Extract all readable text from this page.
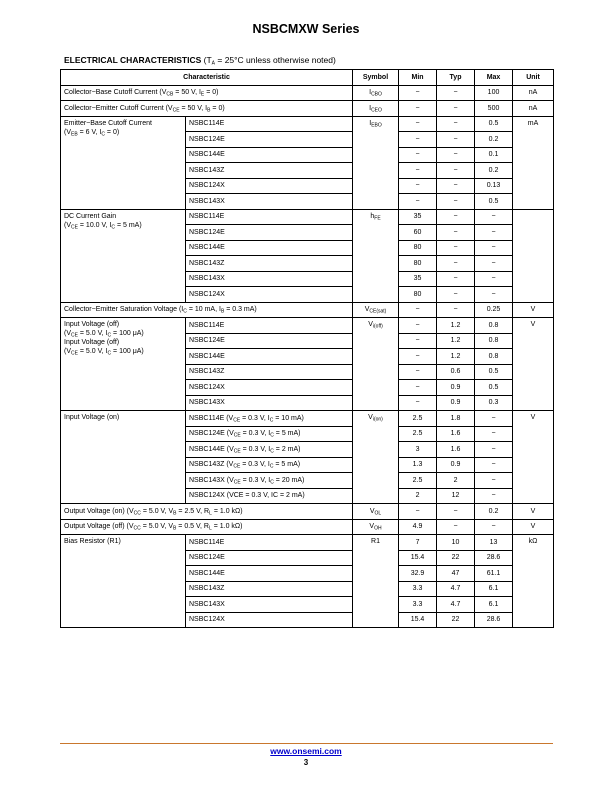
NSBCMXW Series
ELECTRICAL CHARACTERISTICS ($T_A = 25^\circ C$ unless otherwise noted)
Characteristic		Symbol	Min	Typ	Max	Unit
Collector−Base Cutoff Current ($V_{CB} = 50$ V, $I_E = 0$)		$I_{CBO}$	−	−	100	nA
Collector−Emitter Cutoff Current ($V_{CE} = 50$ V, $I_B = 0$)		$I_{CEO}$	−	−	500	nA

Emitter−Base Cutoff Current
($V_{EB} = 6$ V, $I_C = 0$)	NSBC114E	$I_{EBO}$	−	−	0.5	mA
	NSBC124E		−	−	0.2	
	NSBC144E		−	−	0.1	
	NSBC143Z		−	−	0.2	
	NSBC124X		−	−	0.13	
	NSBC143X		−	−	0.5	

DC Current Gain
($V_{CE} = 10.0$ V, $I_C = 5$ mA)	NSBC114E	$h_{FE}$	35	−	−	
	NSBC124E		60	−	−	
	NSBC144E		80	−	−	
	NSBC143Z		80	−	−	
	NSBC143X		35	−	−	
	NSBC124X		80	−	−	
Collector−Emitter Saturation Voltage ($I_C = 10$ mA, $I_B = 0.3$ mA)		$V_{CE(sat)}$	−	−	0.25	V

Input Voltage (off)
($V_{CE} = 5.0$ V, $I_C = 100$ μA)
Input Voltage (off)
($V_{CE} = 5.0$ V, $I_C = 100$ μA)	NSBC114E	$V_{i(off)}$	−	1.2	0.8	V
	NSBC124E		−	1.2	0.8	
	NSBC144E		−	1.2	0.8	
	NSBC143Z		−	0.6	0.5	
	NSBC124X		−	0.9	0.5	
	NSBC143X		−	0.9	0.3	

Input Voltage (on)	NSBC114E ($V_{CE} = 0.3$ V, $I_C = 10$ mA)	$V_{i(on)}$	2.5	1.8	−	V
	NSBC124E ($V_{CE} = 0.3$ V, $I_C = 5$ mA)		2.5	1.6	−	
	NSBC144E ($V_{CE} = 0.3$ V, $I_C = 2$ mA)		3	1.6	−	
	NSBC143Z ($V_{CE} = 0.3$ V, $I_C = 5$ mA)		1.3	0.9	−	
	NSBC143X ($V_{CE} = 0.3$ V, $I_C = 20$ mA)		2.5	2	−	
	NSBC124X (VCE = 0.3 V, IC = 2 mA)		2	12	−	
Output Voltage (on) ($V_{CC} = 5.0$ V, $V_B = 2.5$ V, $R_L = 1.0$ kΩ)		$V_{OL}$	−	−	0.2	V
Output Voltage (off) ($V_{CC} = 5.0$ V, $V_B = 0.5$ V, $R_L = 1.0$ kΩ)		$V_{OH}$	4.9	−	−	V

Bias Resistor (R1)	NSBC114E	R1	7	10	13	kΩ
	NSBC124E		15.4	22	28.6	
	NSBC144E		32.9	47	61.1	
	NSBC143Z		3.3	4.7	6.1	
	NSBC143X		3.3	4.7	6.1	
	NSBC124X		15.4	22	28.6	
www.onsemi.com
3
